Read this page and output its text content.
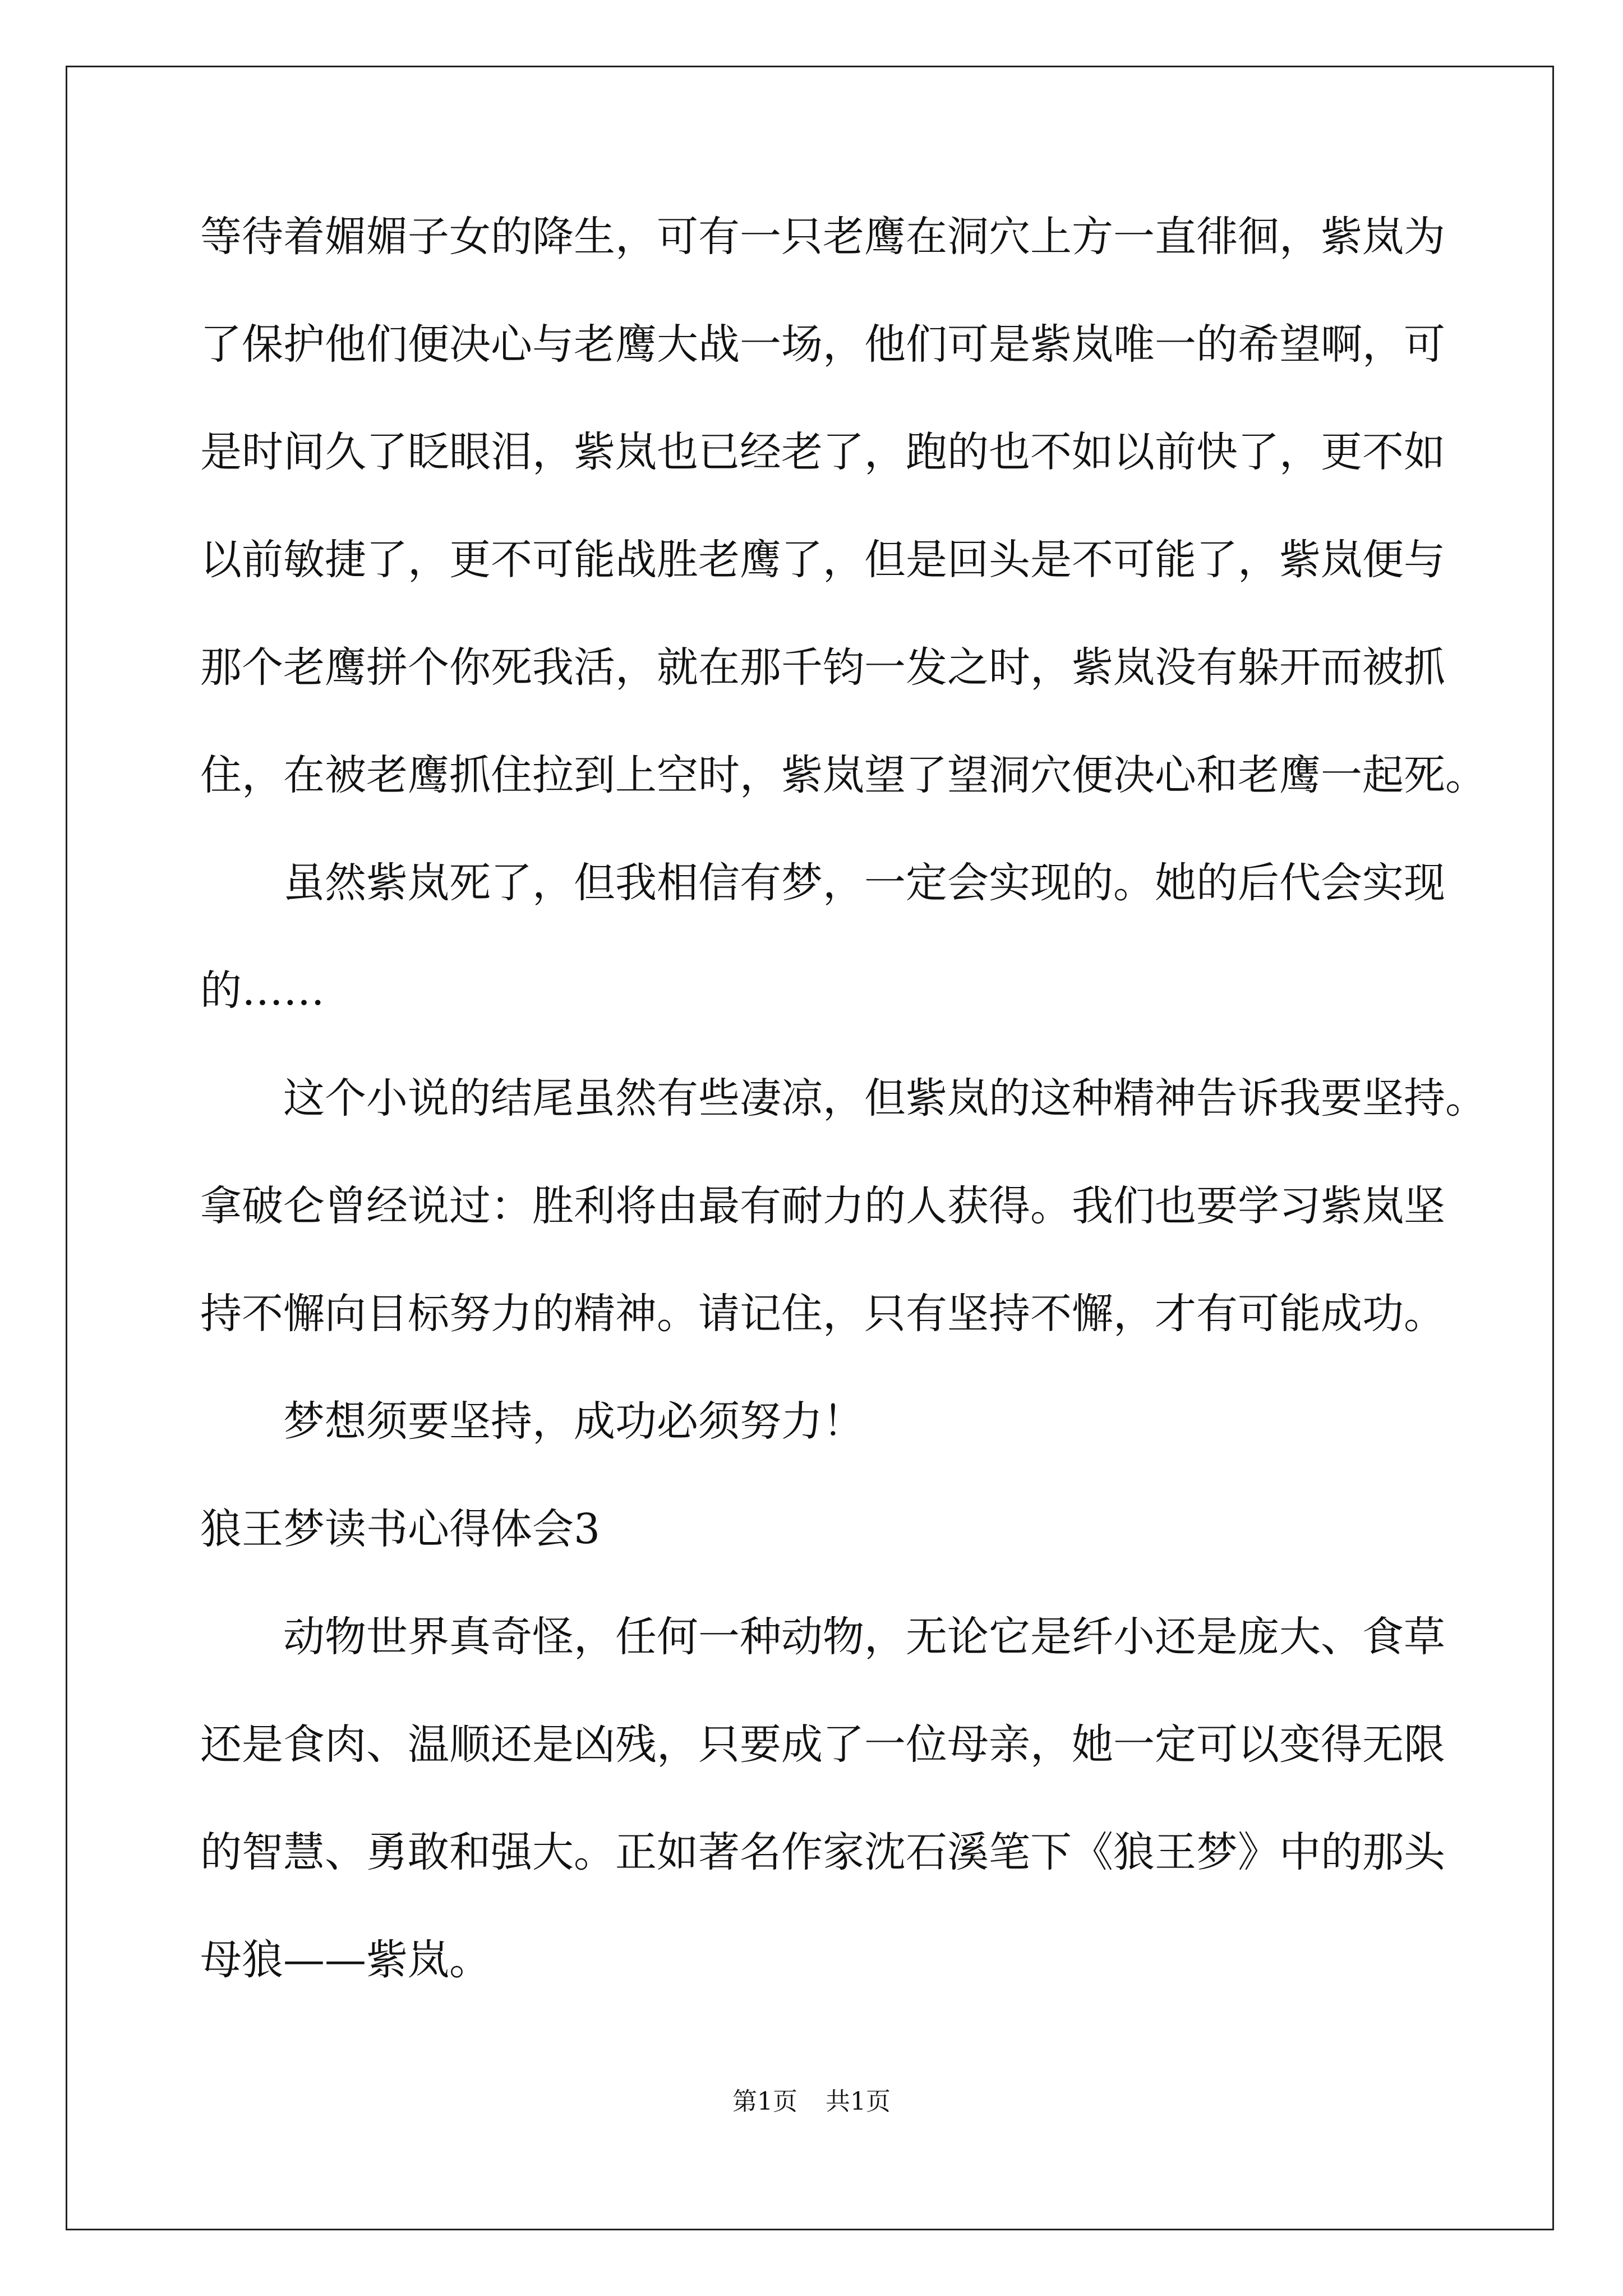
等待着媚媚子女的降生，可有一只老鹰在洞穴上方一直徘徊，紫岚为
了保护他们便决心与老鹰大战一场，他们可是紫岚唯一的希望啊，可
是时间久了眨眼泪，紫岚也已经老了，跑的也不如以前快了，更不如
以前敏捷了，更不可能战胜老鹰了，但是回头是不可能了，紫岚便与
那个老鹰拼个你死我活，就在那千钧一发之时，紫岚没有躲开而被抓
住，在被老鹰抓住拉到上空时，紫岚望了望洞穴便决心和老鹰一起死。
虽然紫岚死了，但我相信有梦，一定会实现的。她的后代会实现
的……
这个小说的结尾虽然有些凄凉，但紫岚的这种精神告诉我要坚持。
拿破仑曾经说过：胜利将由最有耐力的人获得。我们也要学习紫岚坚
持不懈向目标努力的精神。请记住，只有坚持不懈，才有可能成功。
梦想须要坚持，成功必须努力！
狼王梦读书心得体会3
动物世界真奇怪，任何一种动物，无论它是纤小还是庞大、食草
还是食肉、温顺还是凶残，只要成了一位母亲，她一定可以变得无限
的智慧、勇敢和强大。正如著名作家沈石溪笔下《狼王梦》中的那头
母狼——紫岚。
第1页 共1页
